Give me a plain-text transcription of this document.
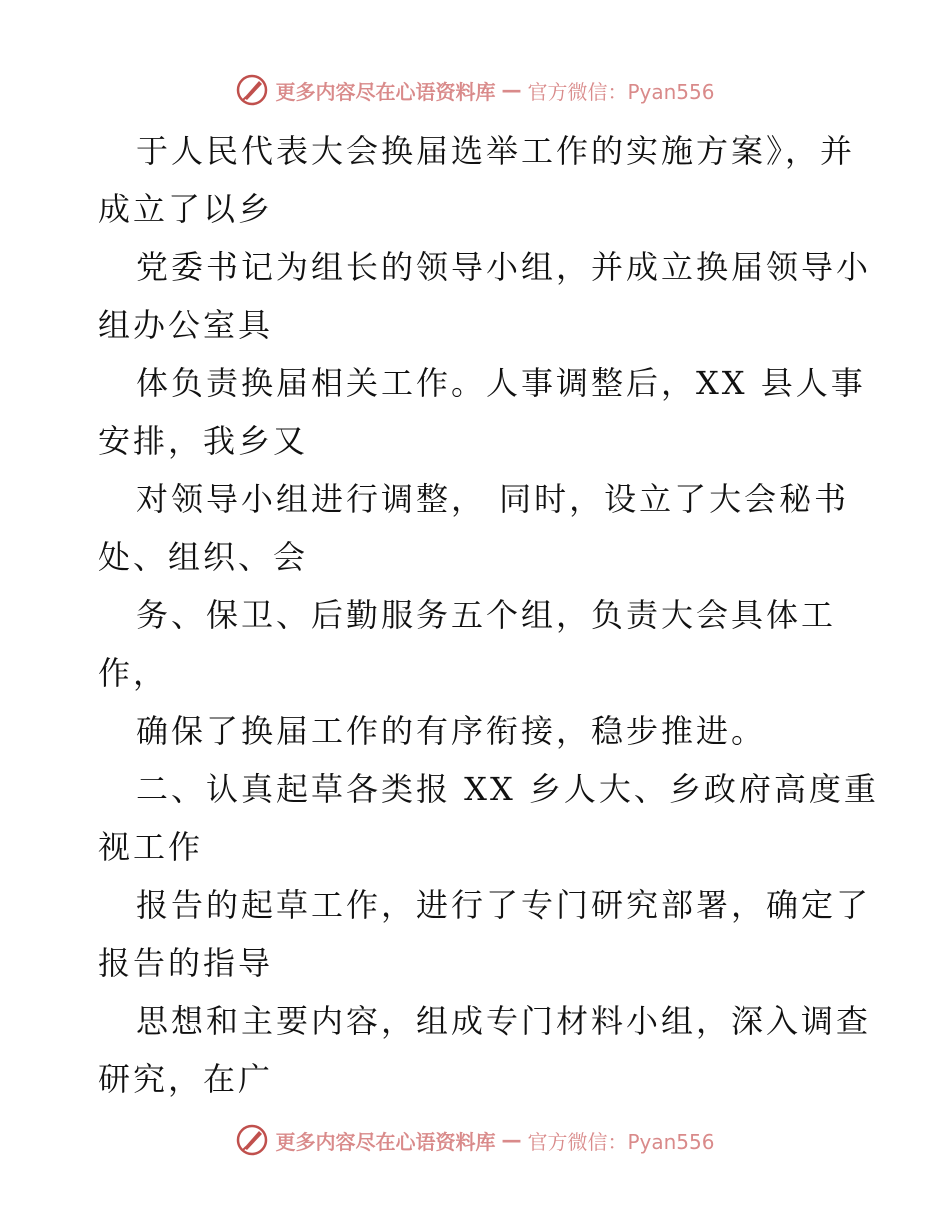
更多内容尽在心语资料库 — 官方微信：Pyan556

于人民代表大会换届选举工作的实施方案》，并

成立了以乡

党委书记为组长的领导小组，并成立换届领导小

组办公室具

体负责换届相关工作。人事调整后，XX 县人事

安排，我乡又

对领导小组进行调整， 同时，设立了大会秘书

处、组织、会

务、保卫、后勤服务五个组，负责大会具体工

作，

确保了换届工作的有序衔接，稳步推进。

二、认真起草各类报 XX 乡人大、乡政府高度重

视工作

报告的起草工作，进行了专门研究部署，确定了

报告的指导

思想和主要内容，组成专门材料小组，深入调查

研究，在广

更多内容尽在心语资料库 — 官方微信：Pyan556
